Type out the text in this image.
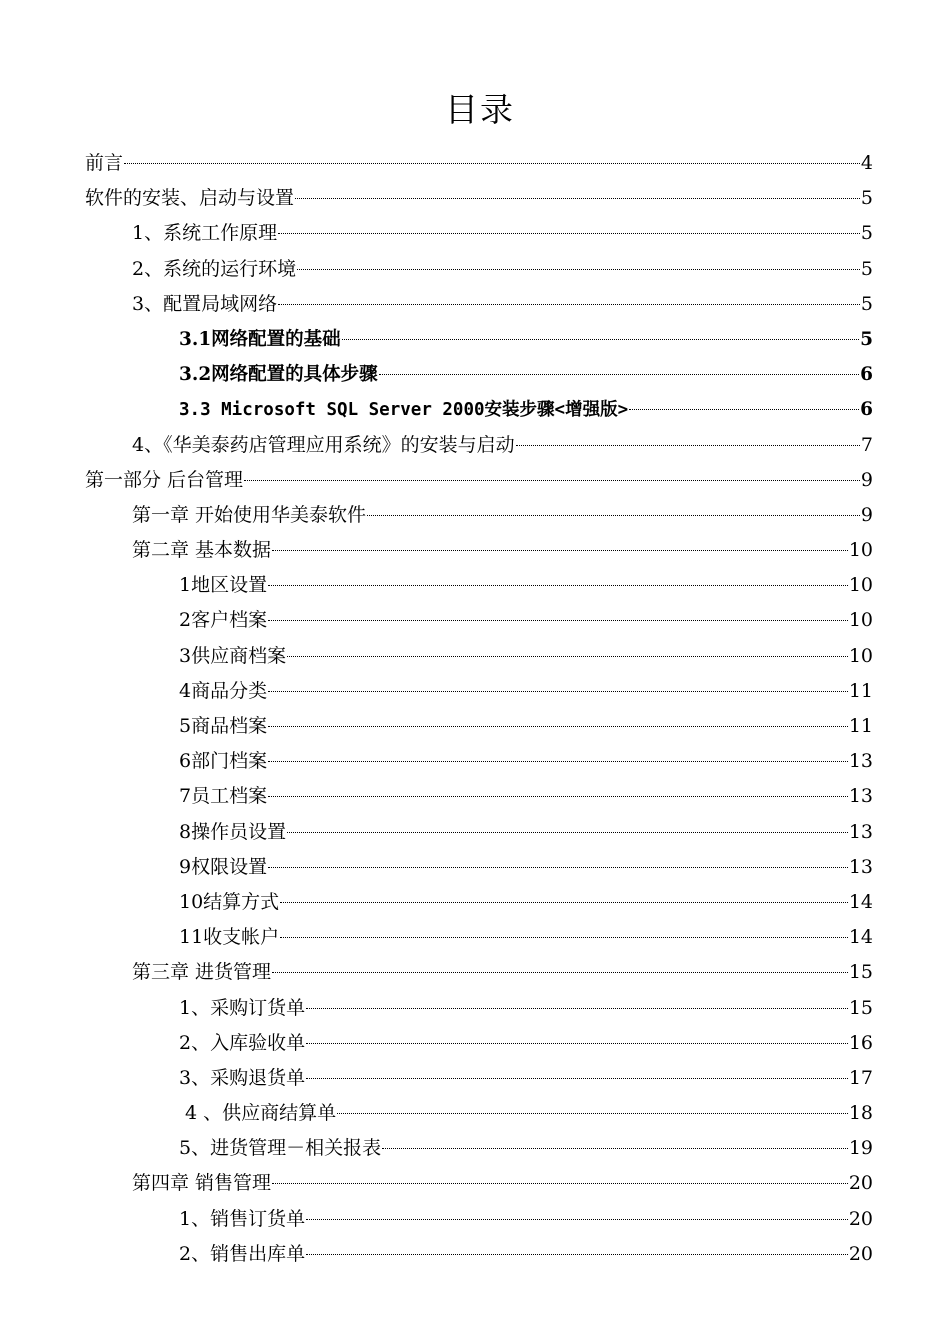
目录
前言	4
软件的安装、启动与设置	5
1、系统工作原理	5
2、系统的运行环境	5
3、配置局域网络	5
3.1网络配置的基础	5
3.2网络配置的具体步骤	6
3.3 Microsoft SQL Server 2000安装步骤<增强版>	6
4、《华美泰药店管理应用系统》的安装与启动	7
第一部分 后台管理	9
第一章 开始使用华美泰软件	9
第二章 基本数据	10
1地区设置	10
2客户档案	10
3供应商档案	10
4商品分类	11
5商品档案	11
6部门档案	13
7员工档案	13
8操作员设置	13
9权限设置	13
10结算方式	14
11收支帐户	14
第三章 进货管理	15
1、采购订货单	15
2、入库验收单	16
3、采购退货单	17
4 、供应商结算单	18
5、进货管理－相关报表	19
第四章 销售管理	20
1、销售订货单	20
2、销售出库单	20
